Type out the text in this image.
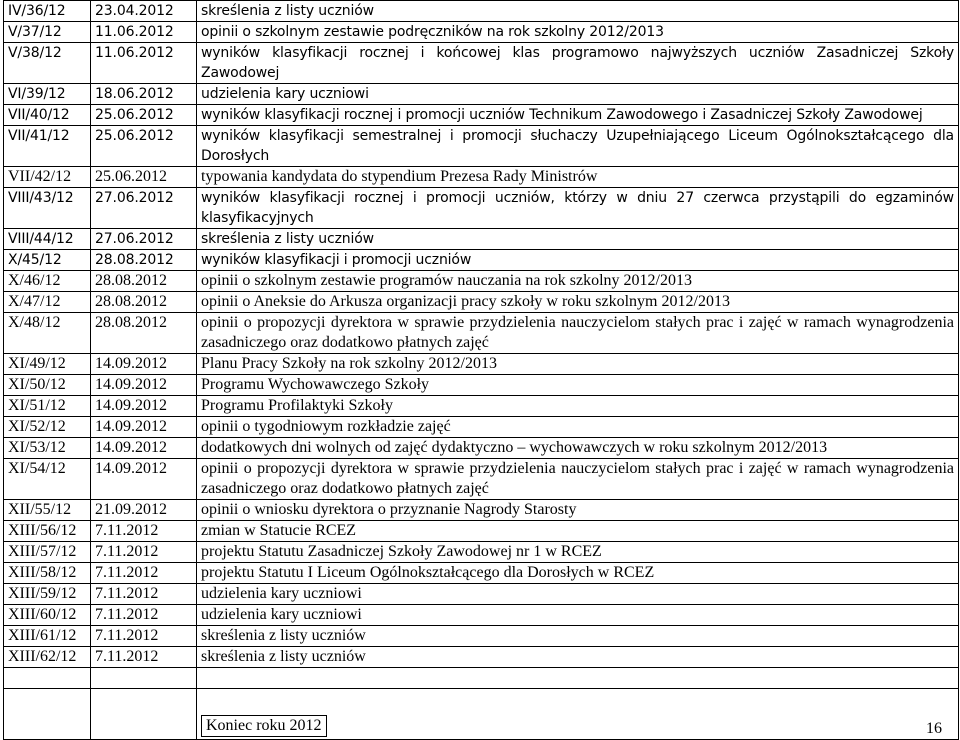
IV/36/12	23.04.2012	skreślenia z listy uczniów
V/37/12	11.06.2012	opinii o szkolnym zestawie podręczników na rok szkolny 2012/2013
V/38/12	11.06.2012	wyników klasyfikacji rocznej i końcowej klas programowo najwyższych uczniów Zasadniczej Szkoły Zawodowej
VI/39/12	18.06.2012	udzielenia kary uczniowi
VII/40/12	25.06.2012	wyników klasyfikacji rocznej i promocji uczniów Technikum Zawodowego i Zasadniczej Szkoły Zawodowej
VII/41/12	25.06.2012	wyników klasyfikacji semestralnej i promocji słuchaczy Uzupełniającego Liceum Ogólnokształcącego dla Dorosłych
VII/42/12	25.06.2012	typowania kandydata do stypendium Prezesa Rady Ministrów
VIII/43/12	27.06.2012	wyników klasyfikacji rocznej i promocji uczniów, którzy w dniu 27 czerwca przystąpili do egzaminów klasyfikacyjnych
VIII/44/12	27.06.2012	skreślenia z listy uczniów
X/45/12	28.08.2012	wyników klasyfikacji i promocji uczniów
X/46/12	28.08.2012	opinii o szkolnym zestawie programów nauczania na rok szkolny 2012/2013
X/47/12	28.08.2012	opinii o Aneksie do Arkusza organizacji pracy szkoły w roku szkolnym 2012/2013
X/48/12	28.08.2012	opinii o propozycji dyrektora w sprawie przydzielenia nauczycielom stałych prac i zajęć w ramach wynagrodzenia zasadniczego oraz dodatkowo płatnych zajęć
XI/49/12	14.09.2012	Planu Pracy Szkoły na rok szkolny 2012/2013
XI/50/12	14.09.2012	Programu Wychowawczego Szkoły
XI/51/12	14.09.2012	Programu Profilaktyki Szkoły
XI/52/12	14.09.2012	opinii o tygodniowym rozkładzie zajęć
XI/53/12	14.09.2012	dodatkowych dni wolnych od zajęć dydaktyczno – wychowawczych w roku szkolnym 2012/2013
XI/54/12	14.09.2012	opinii o propozycji dyrektora w sprawie przydzielenia nauczycielom stałych prac i zajęć w ramach wynagrodzenia zasadniczego oraz dodatkowo płatnych zajęć
XII/55/12	21.09.2012	opinii o wniosku dyrektora o przyznanie Nagrody Starosty
XIII/56/12	7.11.2012	zmian w Statucie RCEZ
XIII/57/12	7.11.2012	projektu Statutu Zasadniczej Szkoły Zawodowej nr 1 w RCEZ
XIII/58/12	7.11.2012	projektu Statutu I Liceum Ogólnokształcącego dla Dorosłych w RCEZ
XIII/59/12	7.11.2012	udzielenia kary uczniowi
XIII/60/12	7.11.2012	udzielenia kary uczniowi
XIII/61/12	7.11.2012	skreślenia z listy uczniów
XIII/62/12	7.11.2012	skreślenia z listy uczniów

		Koniec roku 2012	16
